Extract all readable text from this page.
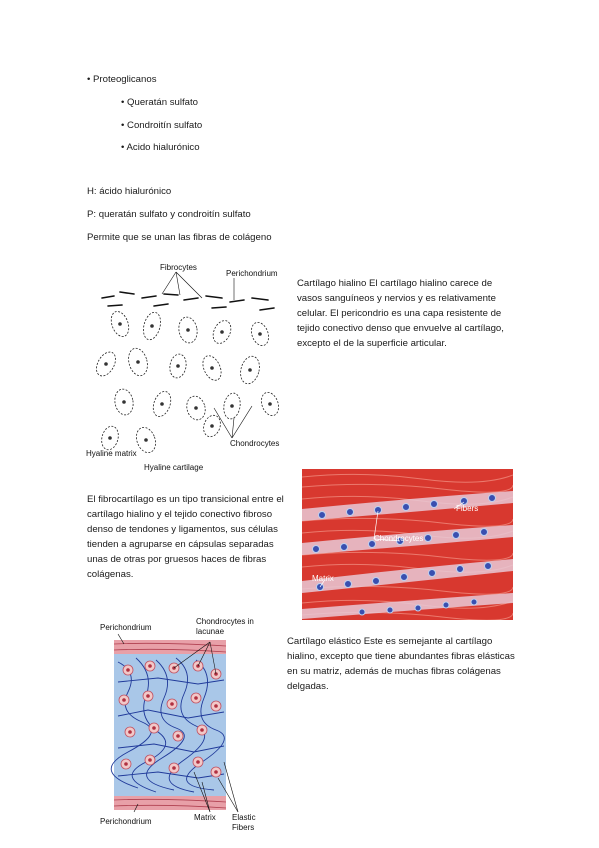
• Proteoglicanos
• Queratán sulfato
• Condroitín sulfato
• Acido hialurónico
H: ácido hialurónico
P: queratán sulfato y condroitín sulfato
Permite que se unan las fibras de colágeno
Fibrocytes
Perichondrium
Chondrocytes
Hyaline matrix
Hyaline cartilage
Cartílago hialino El cartílago hialino carece de vasos sanguíneos y nervios y es relativamente celular. El pericondrio es una capa resistente de tejido conectivo denso que envuelve al cartílago, excepto el de la superficie articular.
El fibrocartílago es un tipo transicional entre el cartílago hialino y el tejido conectivo fibroso denso de tendones y ligamentos, sus células tienden a agruparse en cápsulas separadas unas de otras por gruesos haces de fibras colágenas.
Fibers
Chondrocytes
Matrix
Perichondrium
Chondrocytes in
lacunae
Perichondrium	Matrix Elastic
Fibers
Cartílago elástico Este es semejante al cartílago hialino, excepto que tiene abundantes fibras elásticas en su matriz, además de muchas fibras colágenas delgadas.
